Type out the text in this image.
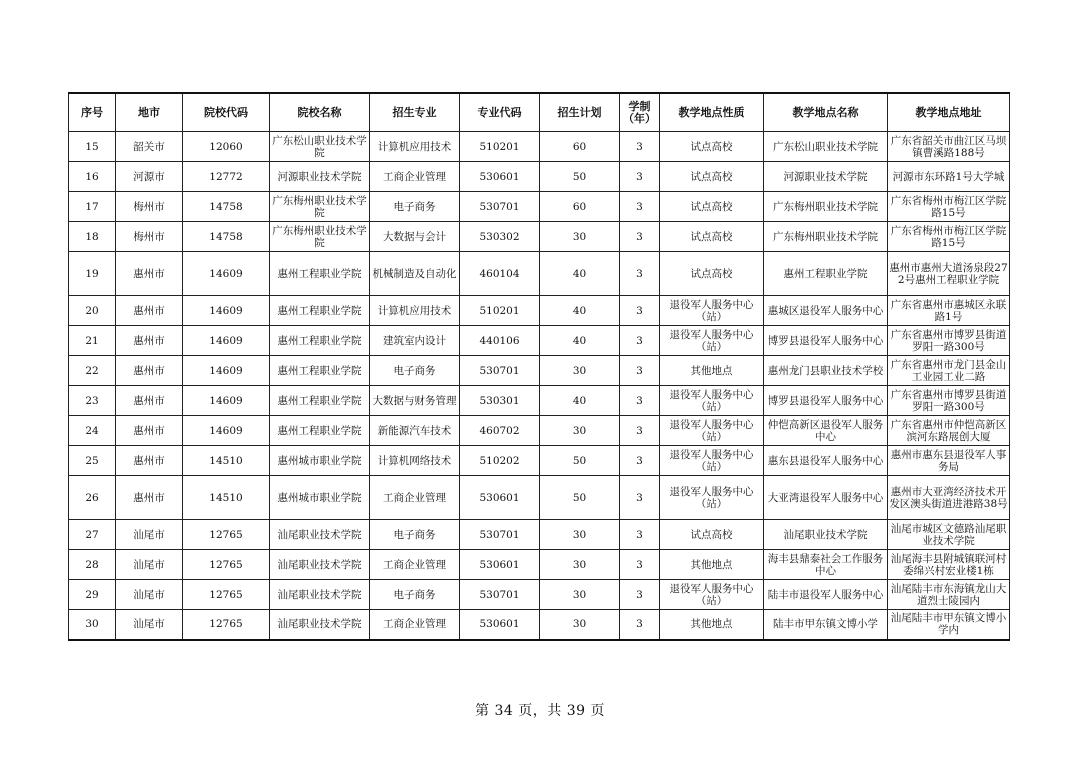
序号	地市	院校代码	院校名称	招生专业	专业代码	招生计划	学制（年）	教学地点性质	教学地点名称	教学地点地址
15	韶关市	12060	广东松山职业技术学院	计算机应用技术	510201	60	3	试点高校	广东松山职业技术学院	广东省韶关市曲江区马坝镇曹溪路188号
16	河源市	12772	河源职业技术学院	工商企业管理	530601	50	3	试点高校	河源职业技术学院	河源市东环路1号大学城
17	梅州市	14758	广东梅州职业技术学院	电子商务	530701	60	3	试点高校	广东梅州职业技术学院	广东省梅州市梅江区学院路15号
18	梅州市	14758	广东梅州职业技术学院	大数据与会计	530302	30	3	试点高校	广东梅州职业技术学院	广东省梅州市梅江区学院路15号
19	惠州市	14609	惠州工程职业学院	机械制造及自动化	460104	40	3	试点高校	惠州工程职业学院	惠州市惠州大道汤泉段272号惠州工程职业学院
20	惠州市	14609	惠州工程职业学院	计算机应用技术	510201	40	3	退役军人服务中心（站）	惠城区退役军人服务中心	广东省惠州市惠城区永联路1号
21	惠州市	14609	惠州工程职业学院	建筑室内设计	440106	40	3	退役军人服务中心（站）	博罗县退役军人服务中心	广东省惠州市博罗县街道罗阳一路300号
22	惠州市	14609	惠州工程职业学院	电子商务	530701	30	3	其他地点	惠州龙门县职业技术学校	广东省惠州市龙门县金山工业园工业二路
23	惠州市	14609	惠州工程职业学院	大数据与财务管理	530301	40	3	退役军人服务中心（站）	博罗县退役军人服务中心	广东省惠州市博罗县街道罗阳一路300号
24	惠州市	14609	惠州工程职业学院	新能源汽车技术	460702	30	3	退役军人服务中心（站）	仲恺高新区退役军人服务中心	广东省惠州市仲恺高新区滨河东路展创大厦
25	惠州市	14510	惠州城市职业学院	计算机网络技术	510202	50	3	退役军人服务中心（站）	惠东县退役军人服务中心	惠州市惠东县退役军人事务局
26	惠州市	14510	惠州城市职业学院	工商企业管理	530601	50	3	退役军人服务中心（站）	大亚湾退役军人服务中心	惠州市大亚湾经济技术开发区澳头街道进港路38号
27	汕尾市	12765	汕尾职业技术学院	电子商务	530701	30	3	试点高校	汕尾职业技术学院	汕尾市城区文德路汕尾职业技术学院
28	汕尾市	12765	汕尾职业技术学院	工商企业管理	530601	30	3	其他地点	海丰县鼎泰社会工作服务中心	汕尾海丰县附城镇联河村委绵兴村宏业楼1栋
29	汕尾市	12765	汕尾职业技术学院	电子商务	530701	30	3	退役军人服务中心（站）	陆丰市退役军人服务中心	汕尾陆丰市东海镇龙山大道烈士陵园内
30	汕尾市	12765	汕尾职业技术学院	工商企业管理	530601	30	3	其他地点	陆丰市甲东镇文博小学	汕尾陆丰市甲东镇文博小学内
第 34 页，共 39 页
